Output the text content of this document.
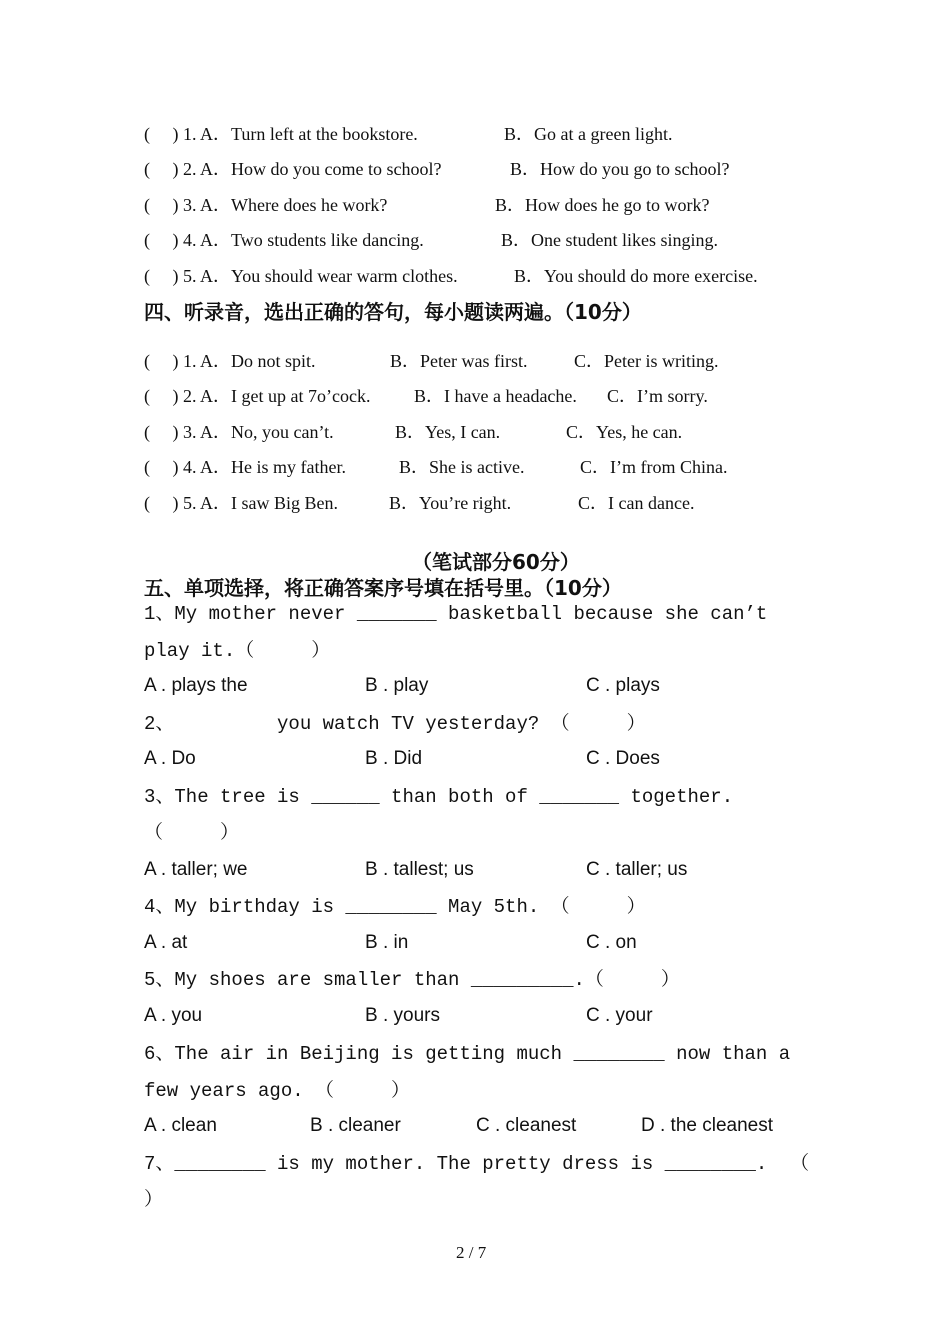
(     ) 1. A．Turn left at the bookstore.	B．Go at a green light.
(     ) 2. A．How do you come to school?	B．How do you go to school?
(     ) 3. A．Where does he work?	B．How does he go to work?
(     ) 4. A．Two students like dancing.	B．One student likes singing.
(     ) 5. A．You should wear warm clothes.	B．You should do more exercise.
四、听录音，选出正确的答句，每小题读两遍。（10分）
(     ) 1. A．Do not spit.	B．Peter was first.	C．Peter is writing.
(     ) 2. A．I get up at 7o’cock. B．I have a headache. C．I’m sorry.
(     ) 3. A．No, you can’t.	B．Yes, I can.	C．Yes, he can.
(     ) 4. A．He is my father.	B．She is active.	C．I’m from China.
(     ) 5. A．I saw Big Ben.	B．You’re right.	C．I can dance.
（笔试部分60分）
五、单项选择，将正确答案序号填在括号里。（10分）
1、My mother never _______ basketball because she can’t
play it.（     ）
A . plays the	B . play	C . plays
2、         you watch TV yesterday? （     ）
A . Do	B . Did	C . Does
3、The tree is ______ than both of _______ together.
（     ）
A . taller; we	B . tallest; us	C . taller; us
4、My birthday is ________ May 5th. （     ）
A . at	B . in	C . on
5、My shoes are smaller than _________.（     ）
A . you	B . yours	C . your
6、The air in Beijing is getting much ________ now than a
few years ago. （     ）
A . clean	B . cleaner	C . cleanest	D . the cleanest
7、________ is my mother. The pretty dress is ________.  （
）
2 / 7
